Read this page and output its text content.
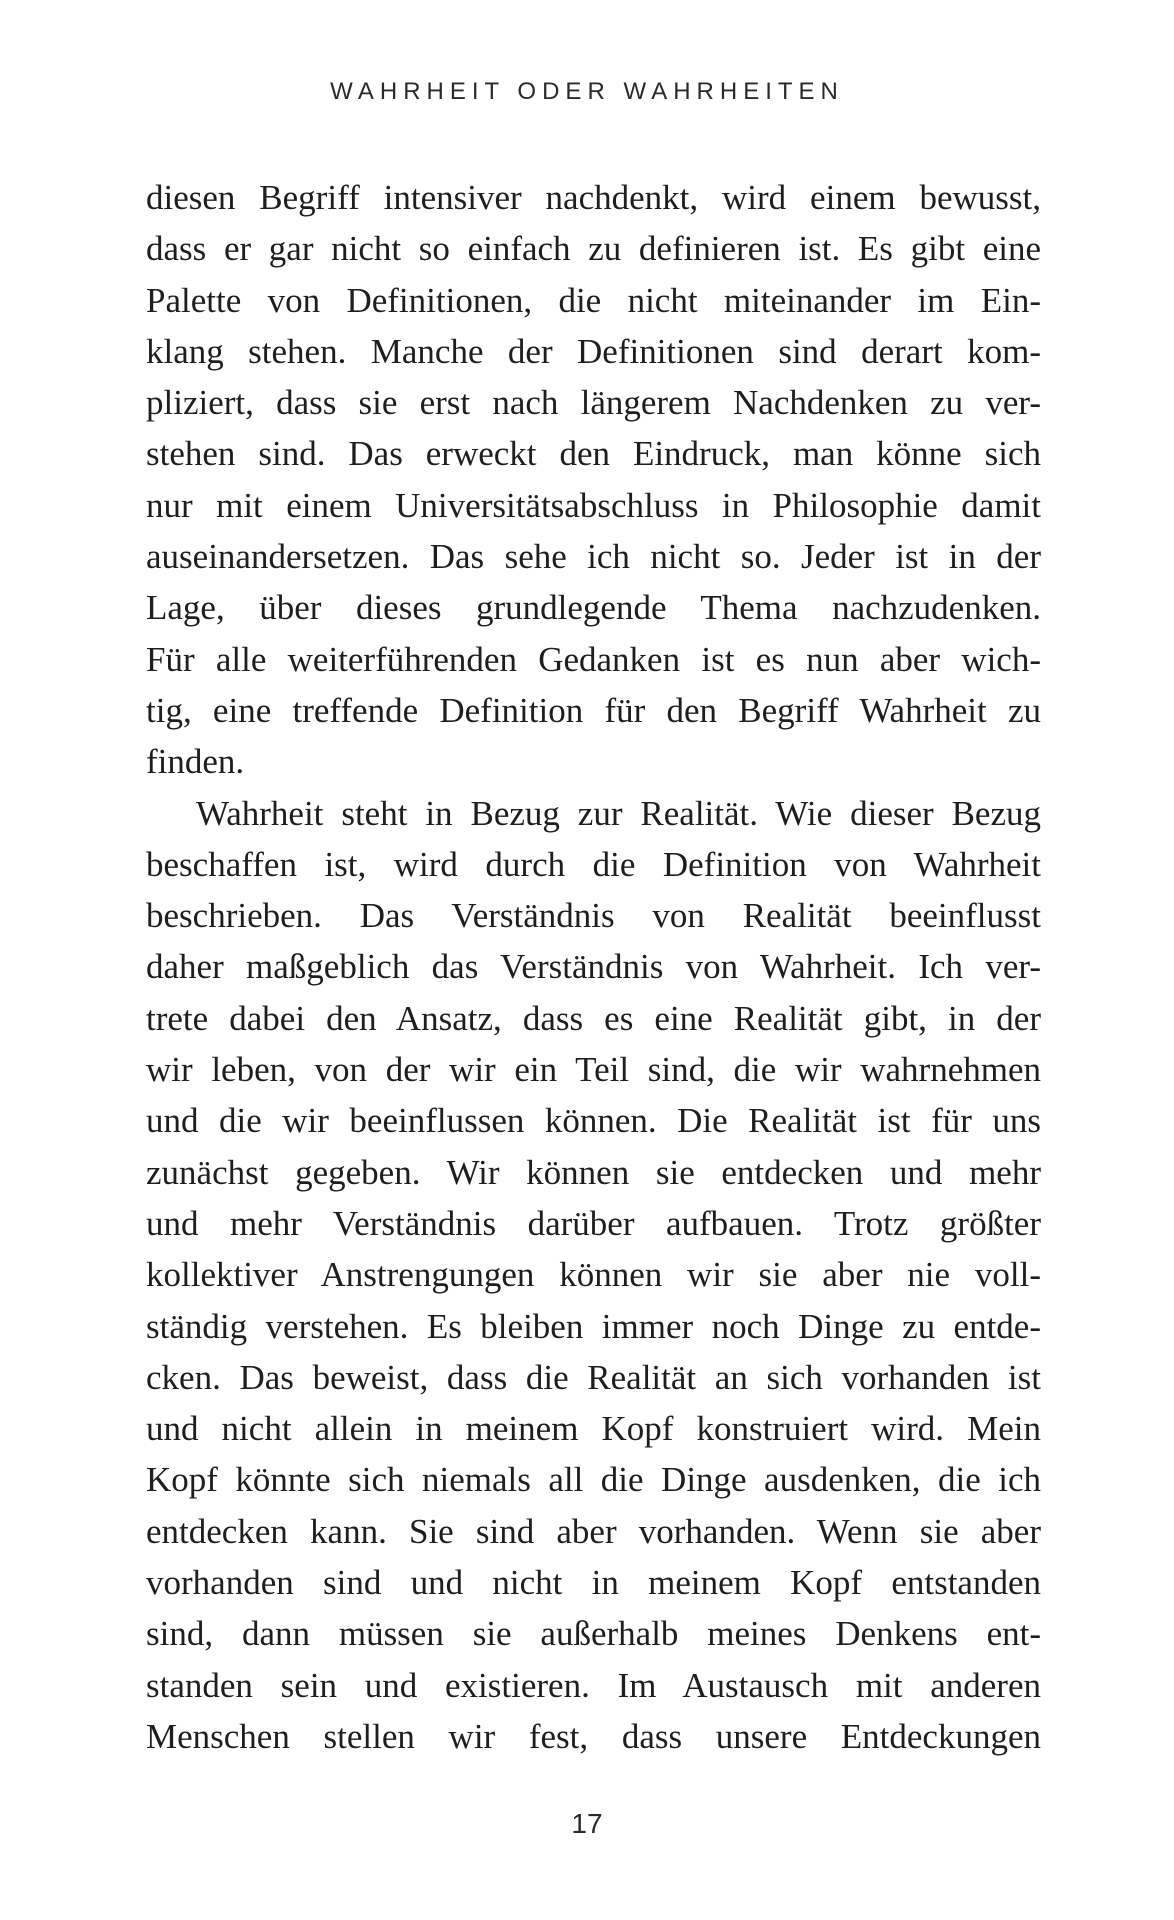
WAHRHEIT ODER WAHRHEITEN
diesen Begriff intensiver nachdenkt, wird einem bewusst,
dass er gar nicht so einfach zu definieren ist. Es gibt eine
Palette von Definitionen, die nicht miteinander im Ein-
klang stehen. Manche der Definitionen sind derart kom-
pliziert, dass sie erst nach längerem Nachdenken zu ver-
stehen sind. Das erweckt den Eindruck, man könne sich
nur mit einem Universitätsabschluss in Philosophie damit
auseinandersetzen. Das sehe ich nicht so. Jeder ist in der
Lage, über dieses grundlegende Thema nachzudenken.
Für alle weiterführenden Gedanken ist es nun aber wich-
tig, eine treffende Definition für den Begriff Wahrheit zu
finden.
Wahrheit steht in Bezug zur Realität. Wie dieser Bezug
beschaffen ist, wird durch die Definition von Wahrheit
beschrieben. Das Verständnis von Realität beeinflusst
daher maßgeblich das Verständnis von Wahrheit. Ich ver-
trete dabei den Ansatz, dass es eine Realität gibt, in der
wir leben, von der wir ein Teil sind, die wir wahrnehmen
und die wir beeinflussen können. Die Realität ist für uns
zunächst gegeben. Wir können sie entdecken und mehr
und mehr Verständnis darüber aufbauen. Trotz größter
kollektiver Anstrengungen können wir sie aber nie voll-
ständig verstehen. Es bleiben immer noch Dinge zu entde-
cken. Das beweist, dass die Realität an sich vorhanden ist
und nicht allein in meinem Kopf konstruiert wird. Mein
Kopf könnte sich niemals all die Dinge ausdenken, die ich
entdecken kann. Sie sind aber vorhanden. Wenn sie aber
vorhanden sind und nicht in meinem Kopf entstanden
sind, dann müssen sie außerhalb meines Denkens ent-
standen sein und existieren. Im Austausch mit anderen
Menschen stellen wir fest, dass unsere Entdeckungen
17
